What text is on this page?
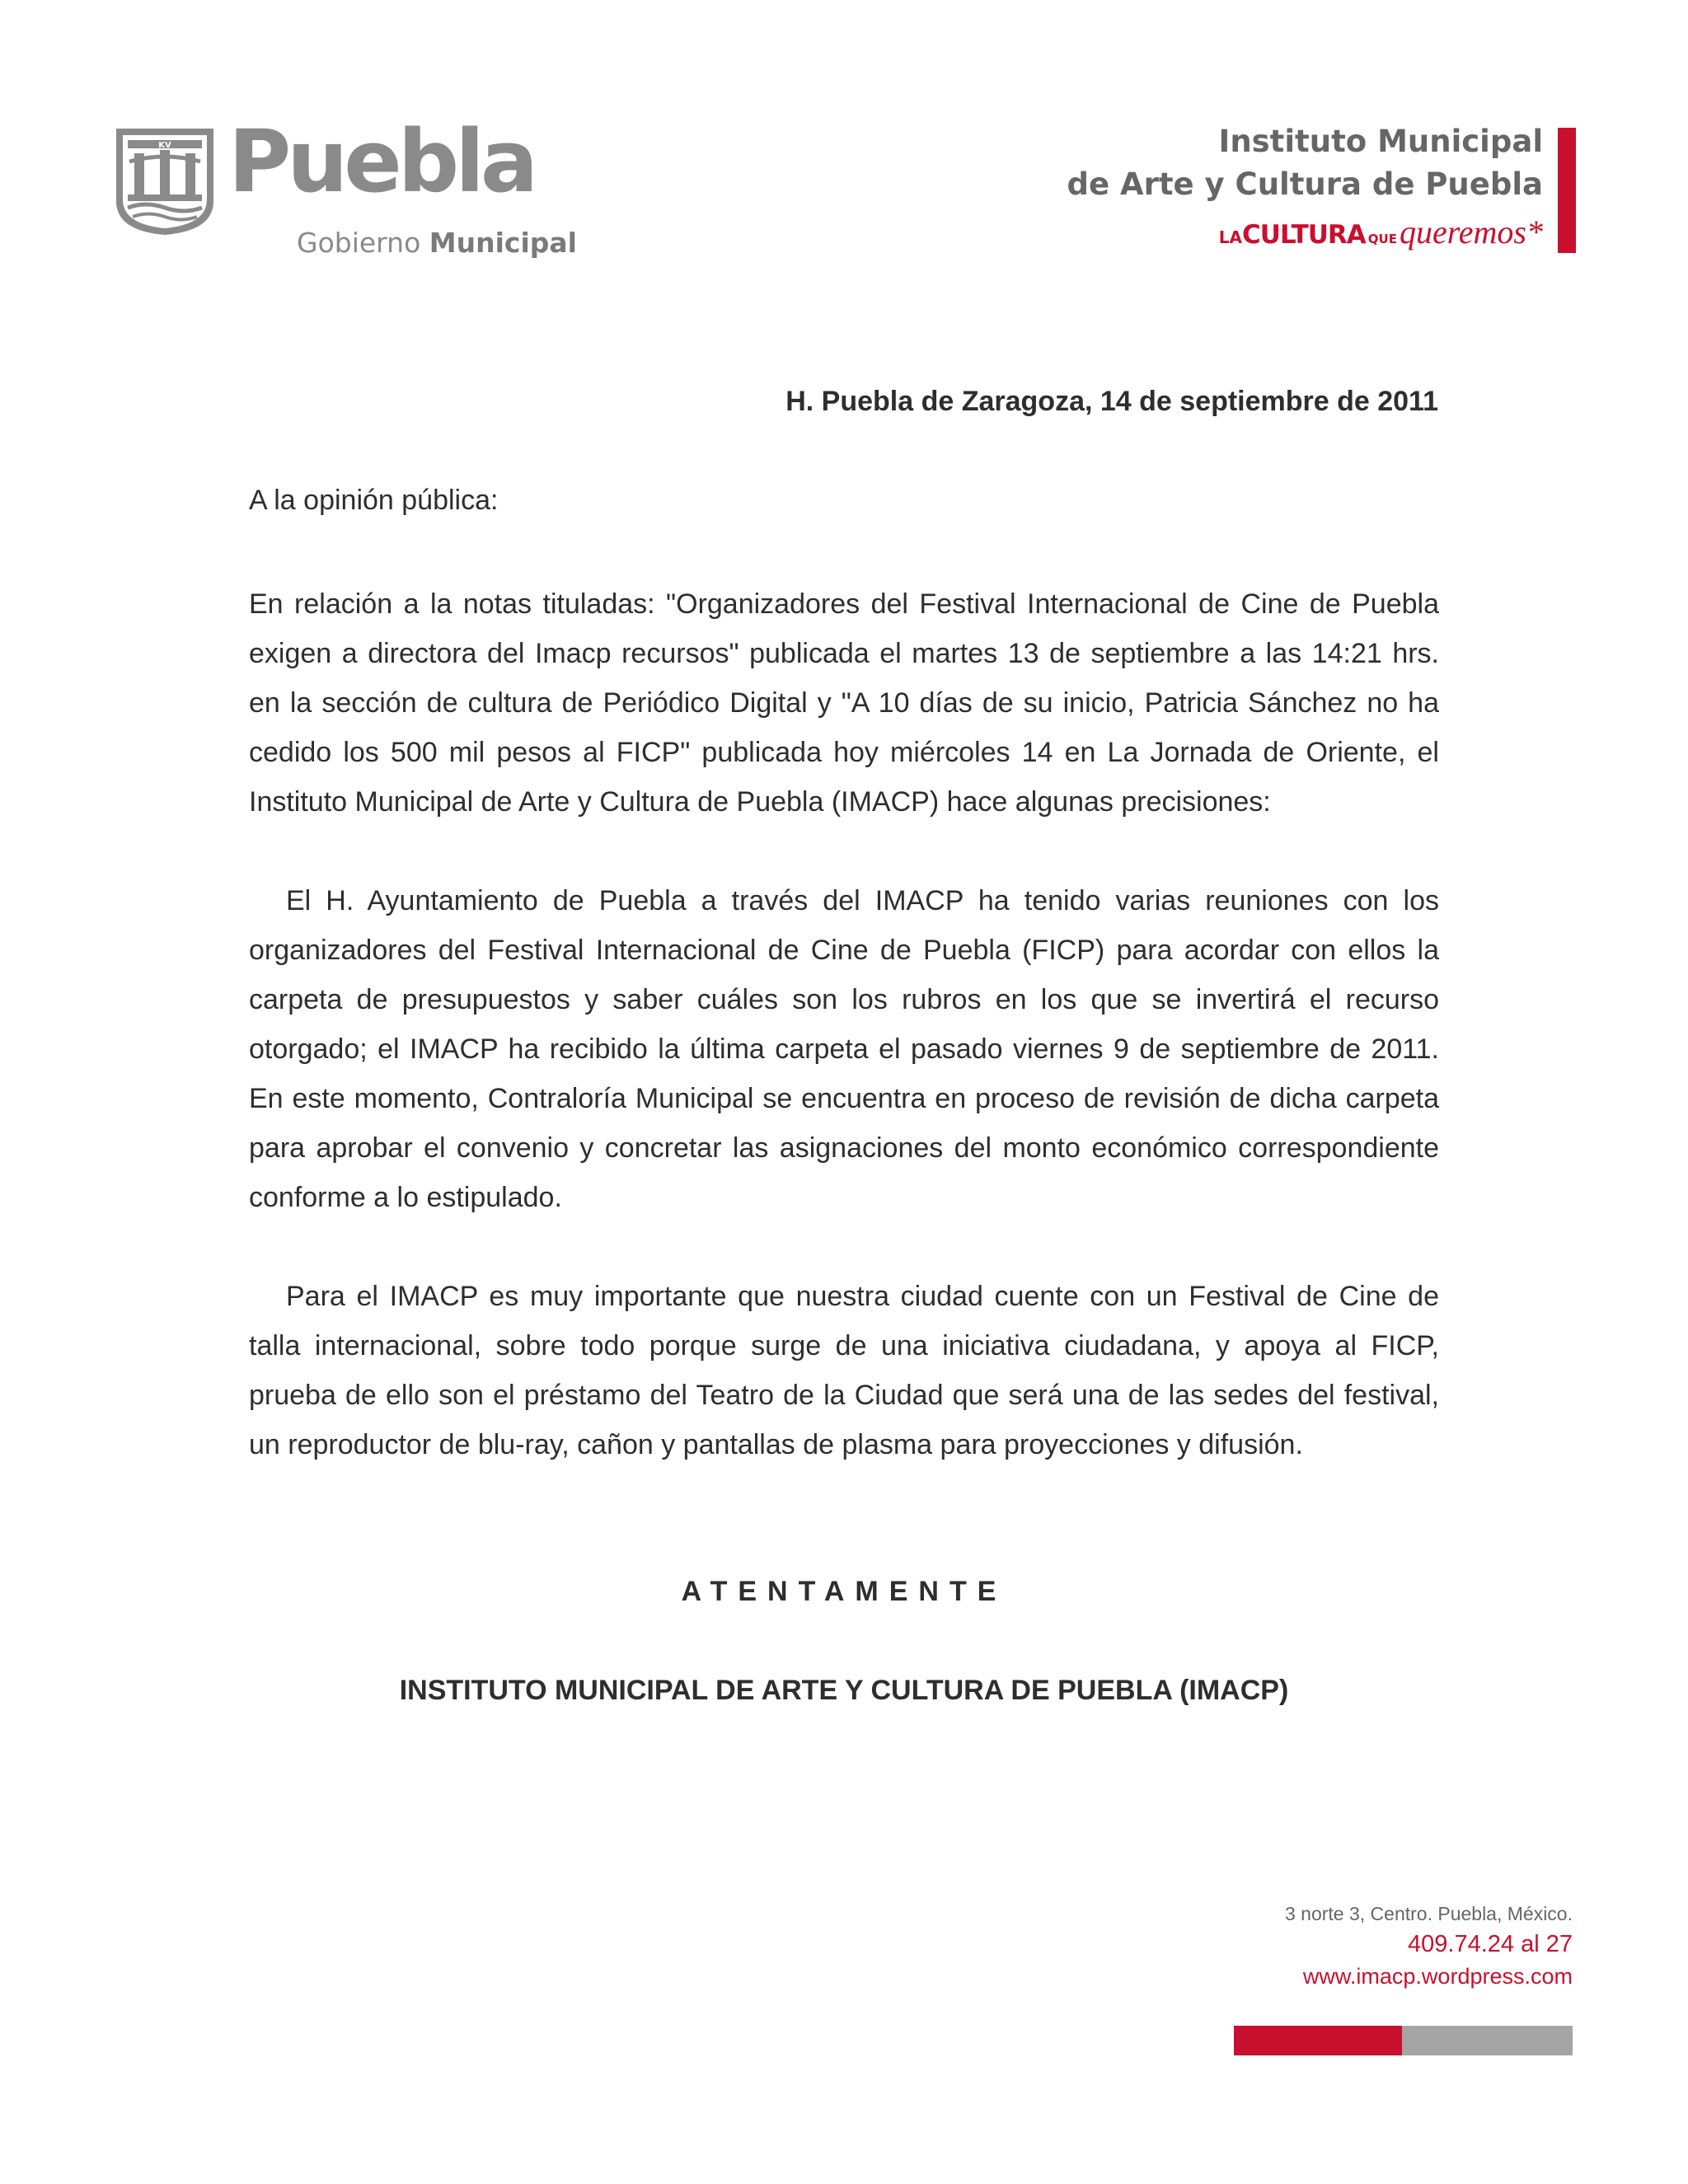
KV Puebla
Gobierno Municipal
Instituto Municipal
de Arte y Cultura de Puebla
LACULTURA QUEqueremos*
H. Puebla de Zaragoza, 14 de septiembre de 2011
A la opinión pública:

En relación a la notas tituladas: "Organizadores del Festival Internacional de Cine de Puebla exigen a directora del Imacp recursos" publicada el martes 13 de septiembre a las 14:21 hrs. en la sección de cultura de Periódico Digital y "A 10 días de su inicio, Patricia Sánchez no ha cedido los 500 mil pesos al FICP" publicada hoy miércoles 14 en La Jornada de Oriente, el Instituto Municipal de Arte y Cultura de Puebla (IMACP) hace algunas precisiones:

El H. Ayuntamiento de Puebla a través del IMACP ha tenido varias reuniones con los organizadores del Festival Internacional de Cine de Puebla (FICP) para acordar con ellos la carpeta de presupuestos y saber cuáles son los rubros en los que se invertirá el recurso otorgado; el IMACP ha recibido la última carpeta el pasado viernes 9 de septiembre de 2011. En este momento, Contraloría Municipal se encuentra en proceso de revisión de dicha carpeta para aprobar el convenio y concretar las asignaciones del monto económico correspondiente conforme a lo estipulado.

Para el IMACP es muy importante que nuestra ciudad cuente con un Festival de Cine de talla internacional, sobre todo porque surge de una iniciativa ciudadana, y apoya al FICP, prueba de ello son el préstamo del Teatro de la Ciudad que será una de las sedes del festival, un reproductor de blu-ray, cañon y pantallas de plasma para proyecciones y difusión.

ATENTAMENTE
INSTITUTO MUNICIPAL DE ARTE Y CULTURA DE PUEBLA (IMACP)
3 norte 3, Centro. Puebla, México.
409.74.24 al 27
www.imacp.wordpress.com
